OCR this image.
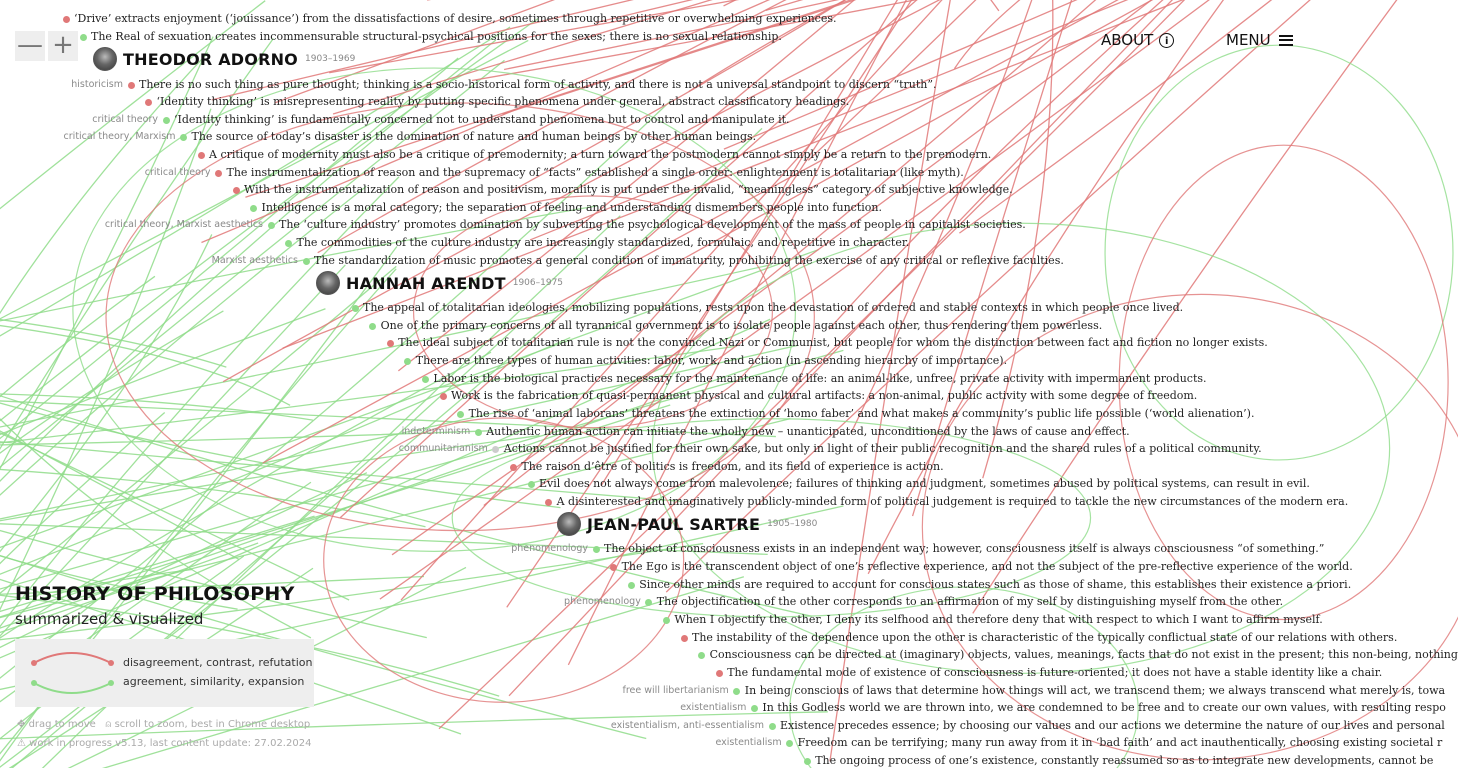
‘Drive’ extracts enjoyment (‘jouissance’) from the dissatisfactions of desire, sometimes through repetitive or overwhelming experiences.
The Real of sexuation creates incommensurable structural-psychical positions for the sexes; there is no sexual relationship.
There is no such thing as pure thought; thinking is a socio-historical form of activity, and there is not a universal standpoint to discern “truth”.
historicism
‘Identity thinking’ is misrepresenting reality by putting specific phenomena under general, abstract classificatory headings.
‘Identity thinking’ is fundamentally concerned not to understand phenomena but to control and manipulate it.
critical theory
The source of today’s disaster is the domination of nature and human beings by other human beings.
critical theory, Marxism
A critique of modernity must also be a critique of premodernity; a turn toward the postmodern cannot simply be a return to the premodern.
The instrumentalization of reason and the supremacy of “facts” established a single order: enlightenment is totalitarian (like myth).
critical theory
With the instrumentalization of reason and positivism, morality is put under the invalid, “meaningless” category of subjective knowledge.
Intelligence is a moral category; the separation of feeling and understanding dismembers people into function.
The ‘culture industry’ promotes domination by subverting the psychological development of the mass of people in capitalist societies.
critical theory, Marxist aesthetics
The commodities of the culture industry are increasingly standardized, formulaic, and repetitive in character.
The standardization of music promotes a general condition of immaturity, prohibiting the exercise of any critical or reflexive faculties.
Marxist aesthetics
The appeal of totalitarian ideologies, mobilizing populations, rests upon the devastation of ordered and stable contexts in which people once lived.
One of the primary concerns of all tyrannical government is to isolate people against each other, thus rendering them powerless.
The ideal subject of totalitarian rule is not the convinced Nazi or Communist, but people for whom the distinction between fact and fiction no longer exists.
There are three types of human activities: labor, work, and action (in ascending hierarchy of importance).
Labor is the biological practices necessary for the maintenance of life: an animal-like, unfree, private activity with impermanent products.
Work is the fabrication of quasi-permanent physical and cultural artifacts: a non-animal, public activity with some degree of freedom.
The rise of ‘animal laborans’ threatens the extinction of ‘homo faber’ and what makes a community’s public life possible (‘world alienation’).
Authentic human action can initiate the wholly new – unanticipated, unconditioned by the laws of cause and effect.
indeterminism
Actions cannot be justified for their own sake, but only in light of their public recognition and the shared rules of a political community.
communitarianism
The raison d’être of politics is freedom, and its field of experience is action.
Evil does not always come from malevolence; failures of thinking and judgment, sometimes abused by political systems, can result in evil.
A disinterested and imaginatively publicly-minded form of political judgement is required to tackle the new circumstances of the modern era.
The object of consciousness exists in an independent way; however, consciousness itself is always consciousness “of something.”
phenomenology
The Ego is the transcendent object of one’s reflective experience, and not the subject of the pre-reflective experience of the world.
Since other minds are required to account for conscious states such as those of shame, this establishes their existence a priori.
The objectification of the other corresponds to an affirmation of my self by distinguishing myself from the other.
phenomenology
When I objectify the other, I deny its selfhood and therefore deny that with respect to which I want to affirm myself.
The instability of the dependence upon the other is characteristic of the typically conflictual state of our relations with others.
Consciousness can be directed at (imaginary) objects, values, meanings, facts that do not exist in the present; this non-being, nothing
The fundamental mode of existence of consciousness is future-oriented; it does not have a stable identity like a chair.
In being conscious of laws that determine how things will act, we transcend them; we always transcend what merely is, towa
free will libertarianism
In this Godless world we are thrown into, we are condemned to be free and to create our own values, with resulting respo
existentialism
Existence precedes essence; by choosing our values and our actions we determine the nature of our lives and personal
existentialism, anti-essentialism
Freedom can be terrifying; many run away from it in ‘bad faith’ and act inauthentically, choosing existing societal r
existentialism
The ongoing process of one’s existence, constantly reassumed so as to integrate new developments, cannot be
THEODOR ADORNO 1903–1969
HANNAH ARENDT 1906–1975
JEAN-PAUL SARTRE 1905–1980
— +	ABOUT	i	MENU
HISTORY OF PHILOSOPHY
summarized & visualized
disagreement, contrast, refutation
agreement, similarity, expansion
✥ drag to move ⍝ scroll to zoom, best in Chrome desktop
⚠ work in progress v5.13, last content update: 27.02.2024
